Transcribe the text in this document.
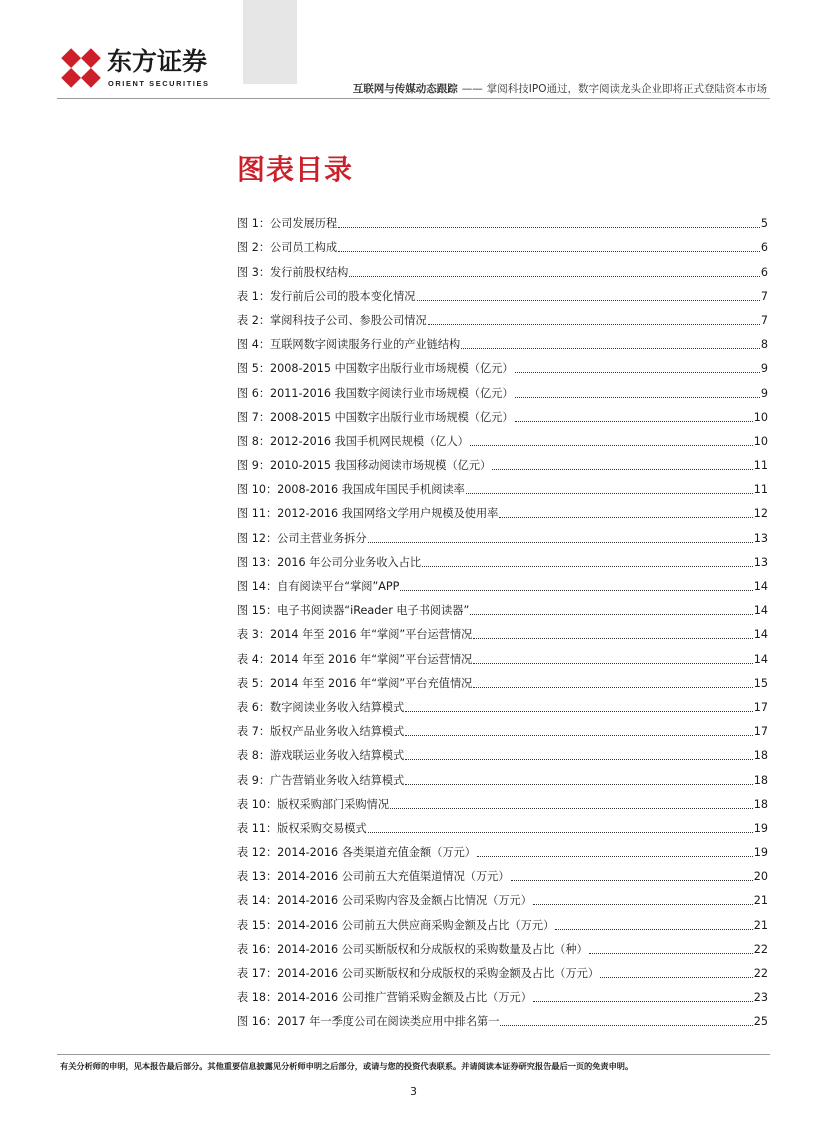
东方证券
ORIENT SECURITIES	互联网与传媒动态跟踪 —— 掌阅科技IPO通过，数字阅读龙头企业即将正式登陆资本市场
图表目录
图 1：公司发展历程	5
图 2：公司员工构成	6
图 3：发行前股权结构	6
表 1：发行前后公司的股本变化情况	7
表 2：掌阅科技子公司、参股公司情况	7
图 4：互联网数字阅读服务行业的产业链结构	8
图 5：2008-2015 中国数字出版行业市场规模（亿元）	9
图 6：2011-2016 我国数字阅读行业市场规模（亿元）	9
图 7：2008-2015 中国数字出版行业市场规模（亿元）	10
图 8：2012-2016 我国手机网民规模（亿人）	10
图 9：2010-2015 我国移动阅读市场规模（亿元）	11
图 10：2008-2016 我国成年国民手机阅读率	11
图 11：2012-2016 我国网络文学用户规模及使用率	12
图 12：公司主营业务拆分	13
图 13：2016 年公司分业务收入占比	13
图 14：自有阅读平台“掌阅”APP	14
图 15：电子书阅读器“iReader 电子书阅读器”	14
表 3：2014 年至 2016 年“掌阅”平台运营情况	14
表 4：2014 年至 2016 年“掌阅”平台运营情况	14
表 5：2014 年至 2016 年“掌阅”平台充值情况	15
表 6：数字阅读业务收入结算模式	17
表 7：版权产品业务收入结算模式	17
表 8：游戏联运业务收入结算模式	18
表 9：广告营销业务收入结算模式	18
表 10：版权采购部门采购情况	18
表 11：版权采购交易模式	19
表 12：2014-2016 各类渠道充值金额（万元）	19
表 13：2014-2016 公司前五大充值渠道情况（万元）	20
表 14：2014-2016 公司采购内容及金额占比情况（万元）	21
表 15：2014-2016 公司前五大供应商采购金额及占比（万元）	21
表 16：2014-2016 公司买断版权和分成版权的采购数量及占比（种）	22
表 17：2014-2016 公司买断版权和分成版权的采购金额及占比（万元）	22
表 18：2014-2016 公司推广营销采购金额及占比（万元）	23
图 16：2017 年一季度公司在阅读类应用中排名第一	25
有关分析师的申明，见本报告最后部分。其他重要信息披露见分析师申明之后部分，或请与您的投资代表联系。并请阅读本证券研究报告最后一页的免责申明。
3
